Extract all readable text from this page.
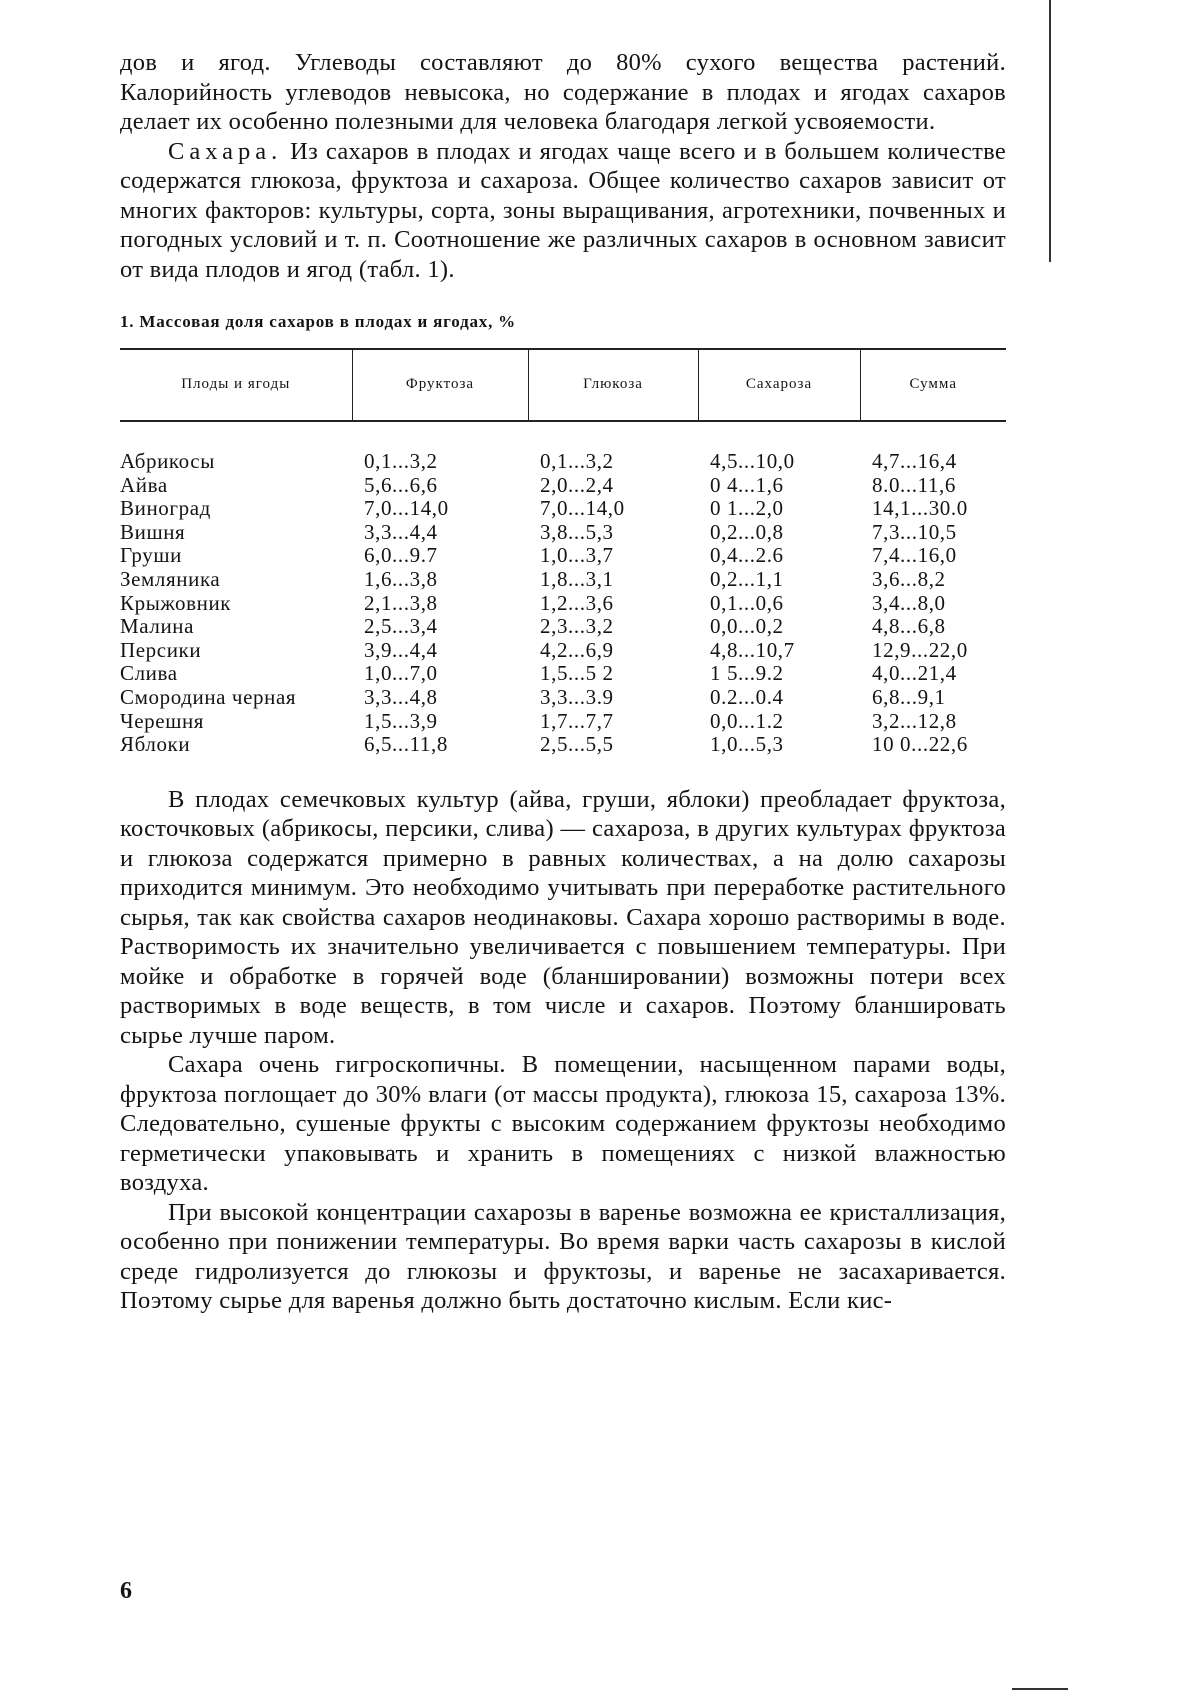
дов и ягод. Углеводы составляют до 80% сухого вещества растений. Калорийность углеводов невысока, но содержание в плодах и ягодах сахаров делает их особенно полезными для человека благодаря легкой усвояемости.

Сахара. Из сахаров в плодах и ягодах чаще всего и в большем количестве содержатся глюкоза, фруктоза и сахароза. Общее количество сахаров зависит от многих факторов: культуры, сорта, зоны выращивания, агротехники, почвенных и погодных условий и т. п. Соотношение же различных сахаров в основном зависит от вида плодов и ягод (табл. 1).

1. Массовая доля сахаров в плодах и ягодах, %

Плоды и ягоды	Фруктоза	Глюкоза	Сахароза	Сумма
Абрикосы	0,1...3,2	0,1...3,2	4,5...10,0	4,7...16,4
Айва	5,6...6,6	2,0...2,4	0 4...1,6	8.0...11,6
Виноград	7,0...14,0	7,0...14,0	0 1...2,0	14,1...30.0
Вишня	3,3...4,4	3,8...5,3	0,2...0,8	7,3...10,5
Груши	6,0...9.7	1,0...3,7	0,4...2.6	7,4...16,0
Земляника	1,6...3,8	1,8...3,1	0,2...1,1	3,6...8,2
Крыжовник	2,1...3,8	1,2...3,6	0,1...0,6	3,4...8,0
Малина	2,5...3,4	2,3...3,2	0,0...0,2	4,8...6,8
Персики	3,9...4,4	4,2...6,9	4,8...10,7	12,9...22,0
Слива	1,0...7,0	1,5...5 2	1 5...9.2	4,0...21,4
Смородина черная	3,3...4,8	3,3...3.9	0.2...0.4	6,8...9,1
Черешня	1,5...3,9	1,7...7,7	0,0...1.2	3,2...12,8
Яблоки	6,5...11,8	2,5...5,5	1,0...5,3	10 0...22,6

В плодах семечковых культур (айва, груши, яблоки) преобладает фруктоза, косточковых (абрикосы, персики, слива) — сахароза, в других культурах фруктоза и глюкоза содержатся примерно в равных количествах, а на долю сахарозы приходится минимум. Это необходимо учитывать при переработке растительного сырья, так как свойства сахаров неодинаковы. Сахара хорошо растворимы в воде. Растворимость их значительно увеличивается с повышением температуры. При мойке и обработке в горячей воде (бланшировании) возможны потери всех растворимых в воде веществ, в том числе и сахаров. Поэтому бланшировать сырье лучше паром.

Сахара очень гигроскопичны. В помещении, насыщенном парами воды, фруктоза поглощает до 30% влаги (от массы продукта), глюкоза 15, сахароза 13%. Следовательно, сушеные фрукты с высоким содержанием фруктозы необходимо герметически упаковывать и хранить в помещениях с низкой влажностью воздуха.

При высокой концентрации сахарозы в варенье возможна ее кристаллизация, особенно при понижении температуры. Во время варки часть сахарозы в кислой среде гидролизуется до глюкозы и фруктозы, и варенье не засахаривается. Поэтому сырье для варенья должно быть достаточно кислым. Если кис-

6
